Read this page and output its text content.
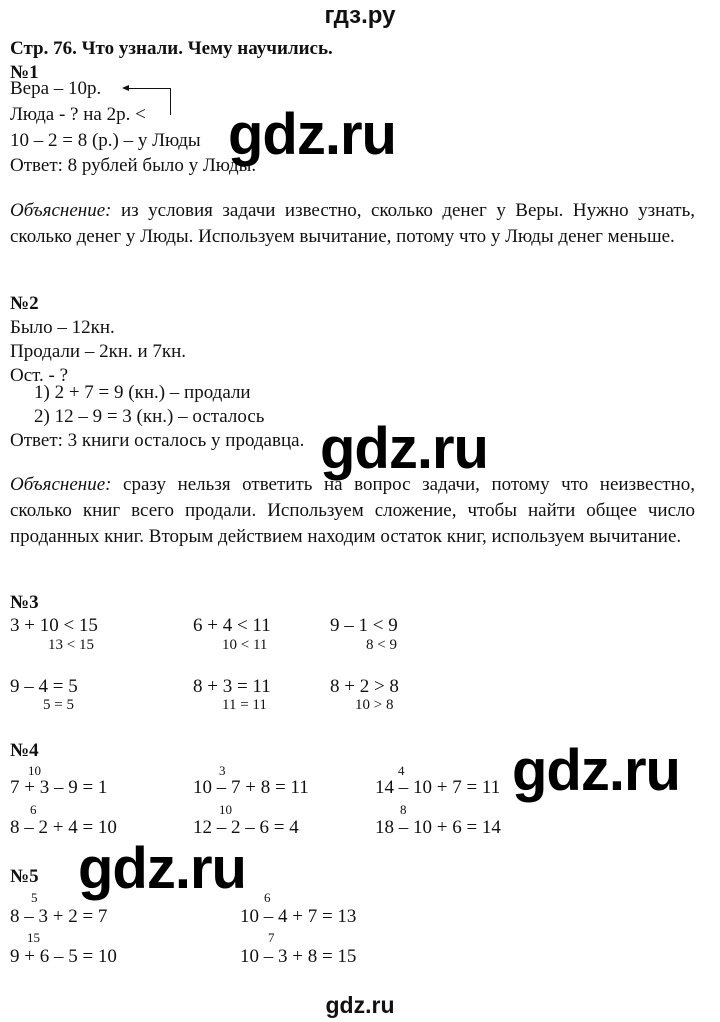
гдз.ру
Стр. 76. Что узнали. Чему научились.
№1
Вера – 10р.
Люда - ? на 2р. <
10 – 2 = 8 (р.) – у Люды
Ответ: 8 рублей было у Люды.
gdz.ru
Объяснение: из условия задачи известно, сколько денег у Веры. Нужно узнать, сколько денег у Люды. Используем вычитание, потому что у Люды денег меньше.
№2
Было – 12кн.
Продали – 2кн. и 7кн.
Ост. - ?
1) 2 + 7 = 9 (кн.) – продали
2) 12 – 9 = 3 (кн.) – осталось
Ответ: 3 книги осталось у продавца. gdz.ru
Объяснение: сразу нельзя ответить на вопрос задачи, потому что неизвестно, сколько книг всего продали. Используем сложение, чтобы найти общее число проданных книг. Вторым действием находим остаток книг, используем вычитание.
№3
3 + 10 < 15
13 < 15
6 + 4 < 11
10 < 11
9 – 1 < 9
8 < 9
9 – 4 = 5
5 = 5
8 + 3 = 11
11 = 11
8 + 2 > 8
10 > 8
№4
10
7 + 3 – 9 = 1
3
10 – 7 + 8 = 11
4
14 – 10 + 7 = 11 gdz.ru
6
8 – 2 + 4 = 10
10
12 – 2 – 6 = 4
8
18 – 10 + 6 = 14
gdz.ru
№5
5
8 – 3 + 2 = 7
6
10 – 4 + 7 = 13
15
9 + 6 – 5 = 10
7
10 – 3 + 8 = 15
gdz.ru
